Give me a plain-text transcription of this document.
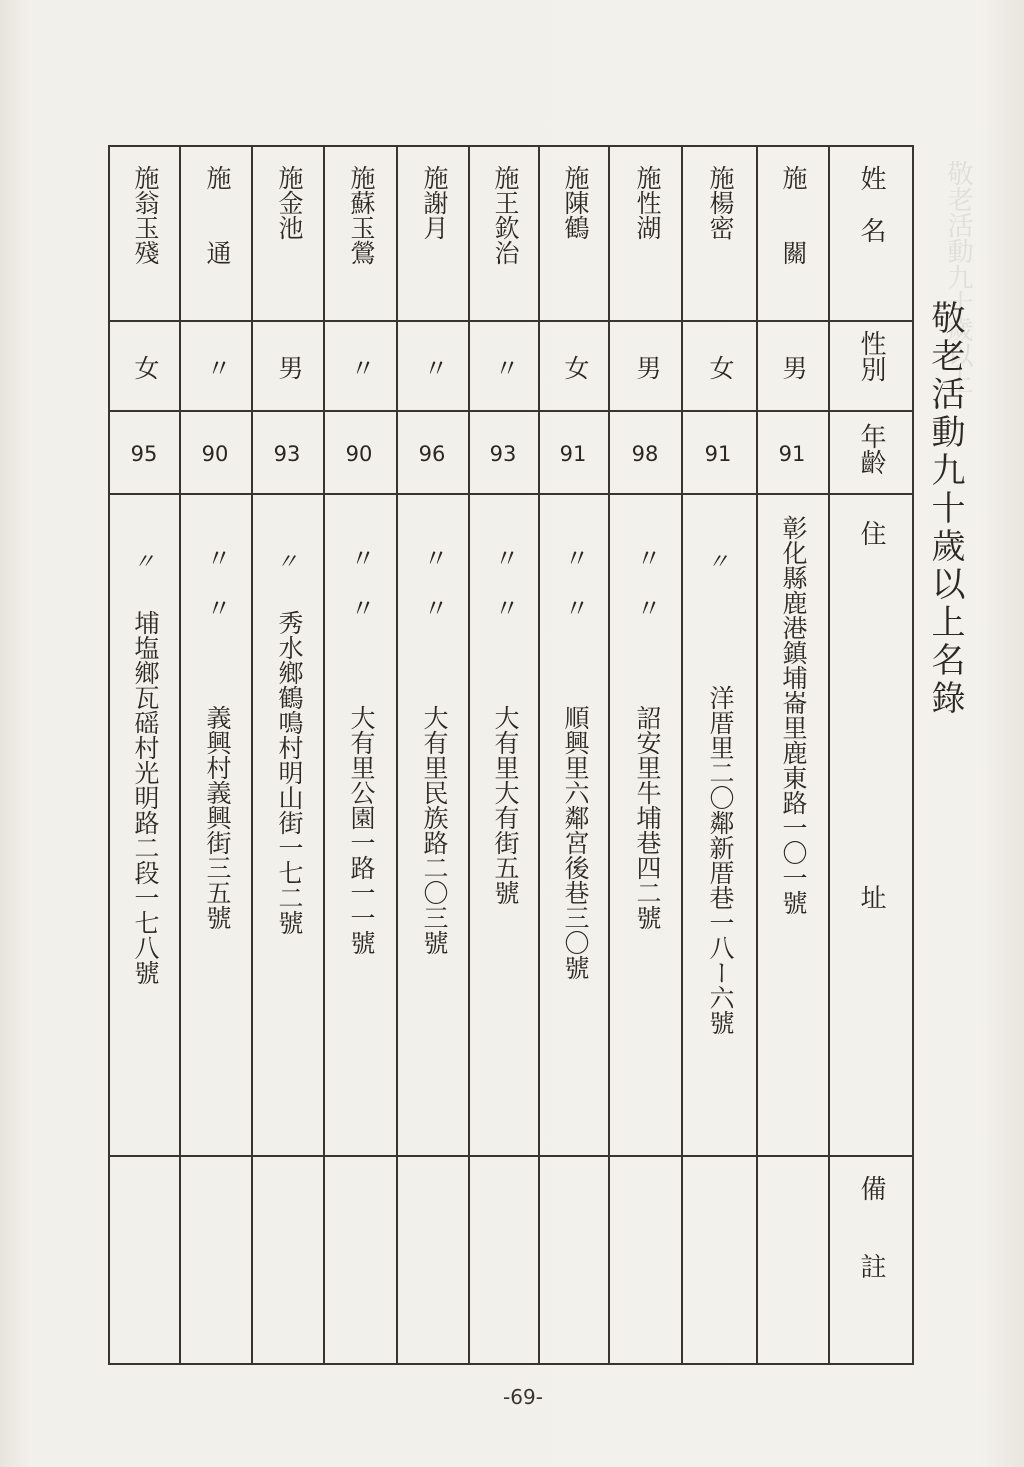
敬老活動九十歲以上
敬老活動九十歲以上名錄
姓　名
性別
年齡
住　　　　　　　　　　　　　址
備　　註
施　　關
男
91
彰化縣鹿港鎮埔崙里鹿東路一〇一號
施楊密
女
91
〃
洋厝里二〇鄰新厝巷一八ー六號
施性湖
男
98
〃　〃
詔安里牛埔巷四二號
施陳鶴
女
91
〃　〃
順興里六鄰宮後巷三〇號
施王欽治
〃
93
〃　〃
大有里大有街五號
施謝月
〃
96
〃　〃
大有里民族路二〇三號
施蘇玉鶯
〃
90
〃　〃
大有里公園一路一一號
施金池
男
93
〃
秀水鄉鶴鳴村明山街一七二號
施　　通
〃
90
〃　〃
義興村義興街三五號
施翁玉殘
女
95
〃
埔塩鄉瓦磘村光明路二段一七八號
-69-
